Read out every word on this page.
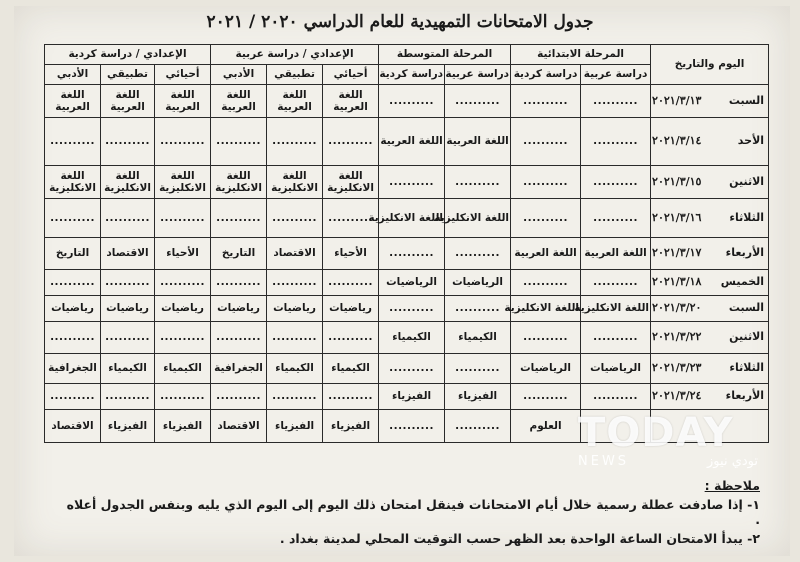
جدول الامتحانات التمهيدية للعام الدراسي ٢٠٢٠ / ٢٠٢١
اليوم والتاريخ	المرحلة الابتدائية		المرحلة المتوسطة		الإعدادي / دراسة عربية			الإعدادي / دراسة كردية		
	دراسة عربية	دراسة كردية	دراسة عربية	دراسة كردية	أحيائي	تطبيقي	الأدبي	أحيائي	تطبيقي	الأدبي

السبت
٢٠٢١/٣/١٣	..........	..........	..........	..........	اللغة العربية	اللغة العربية	اللغة العربية	اللغة العربية	اللغة العربية	اللغة العربية

الأحد
٢٠٢١/٣/١٤	..........	..........	اللغة العربية	اللغة العربية	..........	..........	..........	..........	..........	..........

الاثنين
٢٠٢١/٣/١٥	..........	..........	..........	..........	اللغة الانكليزية	اللغة الانكليزية	اللغة الانكليزية	اللغة الانكليزية	اللغة الانكليزية	اللغة الانكليزية

الثلاثاء
٢٠٢١/٣/١٦	..........	..........	اللغة الانكليزية	اللغة الانكليزية	..........	..........	..........	..........	..........	..........

الأربعاء
٢٠٢١/٣/١٧	اللغة العربية	اللغة العربية	..........	..........	الأحياء	الاقتصاد	التاريخ	الأحياء	الاقتصاد	التاريخ

الخميس
٢٠٢١/٣/١٨	..........	..........	الرياضيات	الرياضيات	..........	..........	..........	..........	..........	..........

السبت
٢٠٢١/٣/٢٠	اللغة الانكليزية	اللغة الانكليزية	..........	..........	رياضيات	رياضيات	رياضيات	رياضيات	رياضيات	رياضيات

الاثنين
٢٠٢١/٣/٢٢	..........	..........	الكيمياء	الكيمياء	..........	..........	..........	..........	..........	..........

الثلاثاء
٢٠٢١/٣/٢٣	الرياضيات	الرياضيات	..........	..........	الكيمياء	الكيمياء	الجغرافية	الكيمياء	الكيمياء	الجغرافية

الأربعاء
٢٠٢١/٣/٢٤	..........	..........	الفيزياء	الفيزياء	..........	..........	..........	..........	..........	..........

		العلوم	..........	..........	الفيزياء	الفيزياء	الاقتصاد	الفيزياء	الفيزياء	الاقتصاد
ملاحظة :
١- إذا صادفت عطلة رسمية خلال أيام الامتحانات فينقل امتحان ذلك اليوم إلى اليوم الذي يليه وبنفس الجدول أعلاه .
٢- يبدأ الامتحان الساعة الواحدة بعد الظهر حسب التوقيت المحلي لمدينة بغداد .
TODAY
NEWS	تودي نيوز
